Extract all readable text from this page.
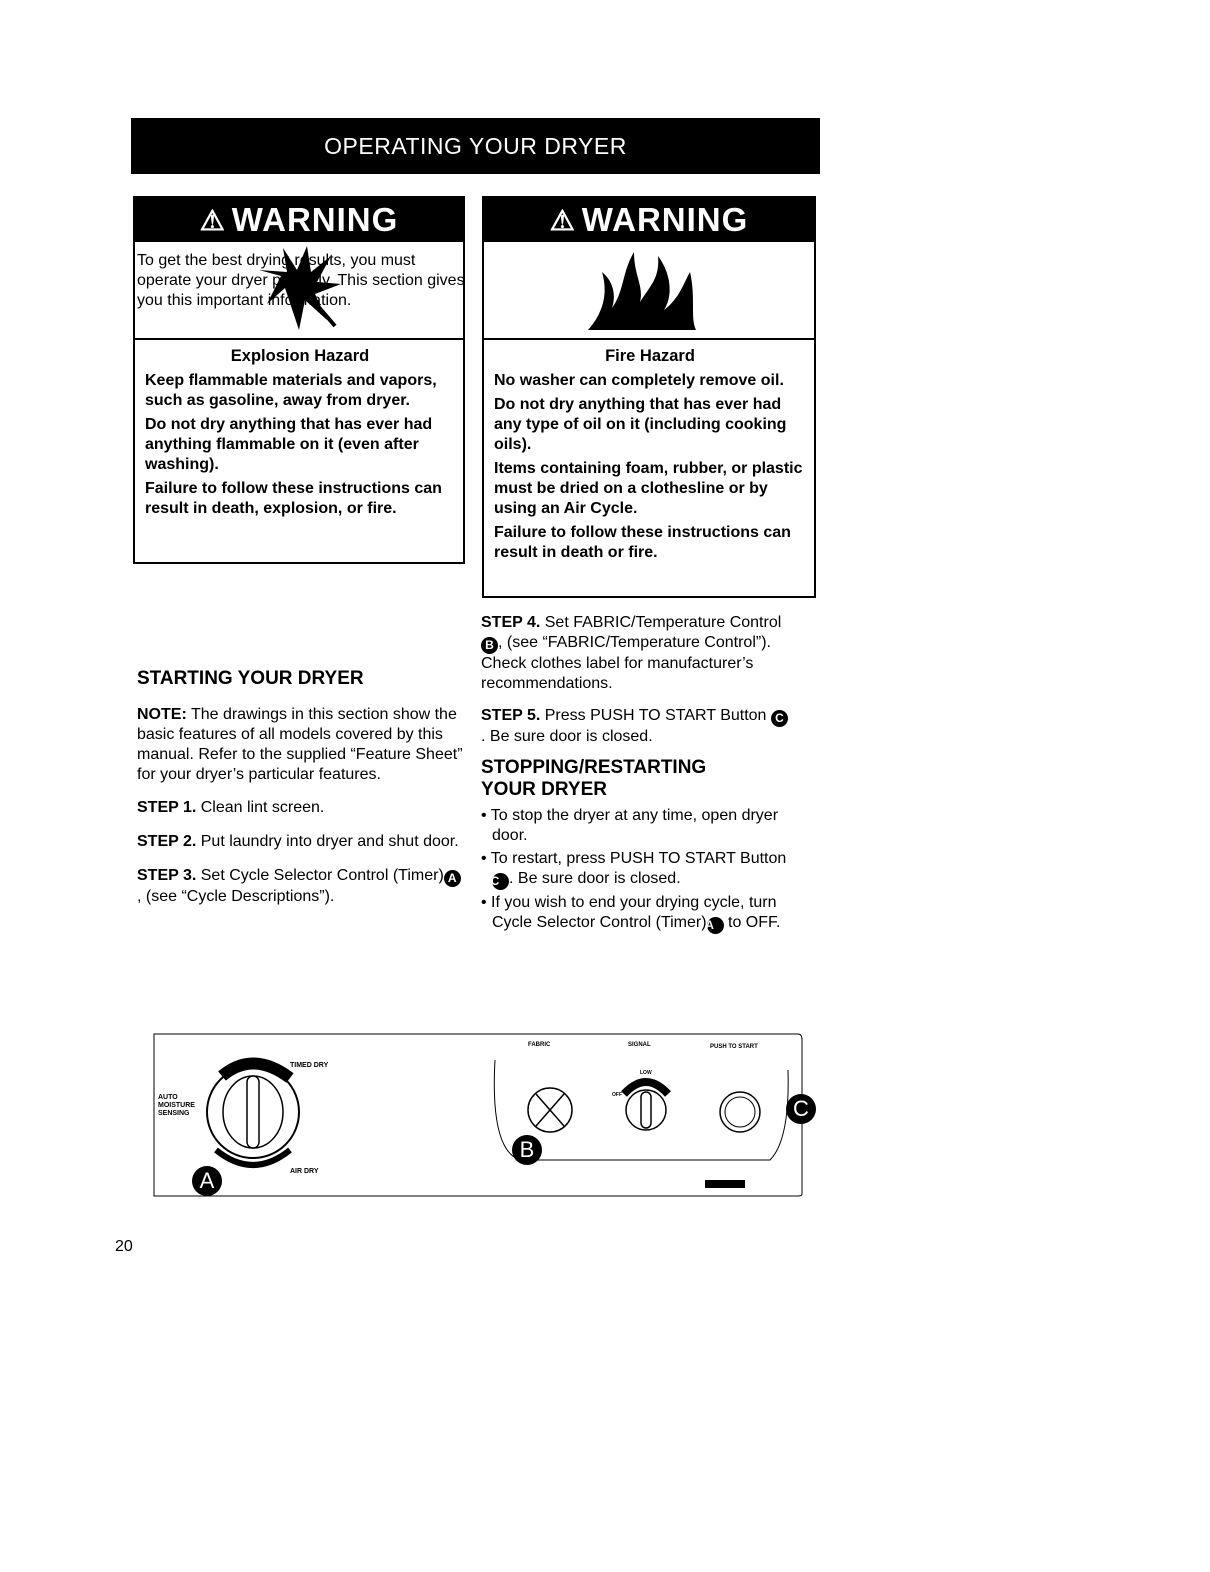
OPERATING YOUR DRYER
⚠ WARNING
Explosion Hazard

Keep flammable materials and vapors, such as gasoline, away from dryer.

Do not dry anything that has ever had anything flammable on it (even after washing).

Failure to follow these instructions can result in death, explosion, or fire.

⚠ WARNING
Fire Hazard

No washer can completely remove oil.

Do not dry anything that has ever had any type of oil on it (including cooking oils).

Items containing foam, rubber, or plastic must be dried on a clothesline or by using an Air Cycle.

Failure to follow these instructions can result in death or fire.

To get the best drying results, you must operate your dryer properly. This section gives you this important information.

STARTING YOUR DRYER

NOTE: The drawings in this section show the basic features of all models covered by this manual. Refer to the supplied “Feature Sheet” for your dryer’s particular features.

STEP 1. Clean lint screen.

STEP 2. Put laundry into dryer and shut door.

STEP 3. Set Cycle Selector Control (Timer) A , (see “Cycle Descriptions”).

STEP 4. Set FABRIC/Temperature Control B , (see “FABRIC/Temperature Control”). Check clothes label for manufacturer’s recommendations.

STEP 5. Press PUSH TO START Button C. Be sure door is closed.

STOPPING/RESTARTING
YOUR DRYER
• To stop the dryer at any time, open dryer door.
• To restart, press PUSH TO START Button C . Be sure door is closed.
• If you wish to end your drying cycle, turn Cycle Selector Control (Timer)A to OFF.
TIMED DRY
AIR DRY
AUTO MOISTURE SENSING
FABRIC	SIGNAL	PUSH TO START
LOW
OFF
A
B
C
20
